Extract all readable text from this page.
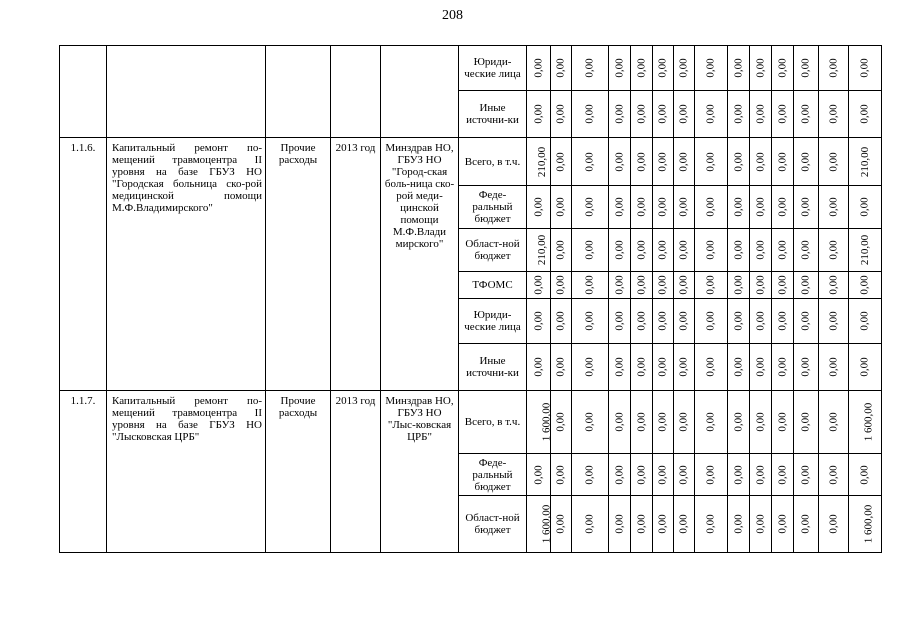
208
					Юриди-ческие лица	0,00	0,00	0,00	0,00	0,00	0,00	0,00	0,00	0,00	0,00	0,00	0,00	0,00	0,00
					Иные источни-ки	0,00	0,00	0,00	0,00	0,00	0,00	0,00	0,00	0,00	0,00	0,00	0,00	0,00	0,00
1.1.6.	Капитальный ремонт по-мещений травмоцентра II уровня на базе ГБУЗ НО "Городская больница ско-рой медицинской помощи М.Ф.Владимирского"	Прочие расходы	2013 год	Минздрав НО, ГБУЗ НО "Город-ская боль-ница ско-рой меди-цинской помощи М.Ф.Влади мирского"	Всего, в т.ч.	210,00	0,00	0,00	0,00	0,00	0,00	0,00	0,00	0,00	0,00	0,00	0,00	0,00	210,00
					Феде-ральный бюджет	0,00	0,00	0,00	0,00	0,00	0,00	0,00	0,00	0,00	0,00	0,00	0,00	0,00	0,00
					Област-ной бюджет	210,00	0,00	0,00	0,00	0,00	0,00	0,00	0,00	0,00	0,00	0,00	0,00	0,00	210,00
					ТФОМС	0,00	0,00	0,00	0,00	0,00	0,00	0,00	0,00	0,00	0,00	0,00	0,00	0,00	0,00
					Юриди-ческие лица	0,00	0,00	0,00	0,00	0,00	0,00	0,00	0,00	0,00	0,00	0,00	0,00	0,00	0,00
					Иные источни-ки	0,00	0,00	0,00	0,00	0,00	0,00	0,00	0,00	0,00	0,00	0,00	0,00	0,00	0,00
1.1.7.	Капитальный ремонт по-мещений травмоцентра II уровня на базе ГБУЗ НО "Лысковская ЦРБ"	Прочие расходы	2013 год	Минздрав НО, ГБУЗ НО "Лыс-ковская ЦРБ"	Всего, в т.ч.	1 600,00	0,00	0,00	0,00	0,00	0,00	0,00	0,00	0,00	0,00	0,00	0,00	0,00	1 600,00
					Феде-ральный бюджет	0,00	0,00	0,00	0,00	0,00	0,00	0,00	0,00	0,00	0,00	0,00	0,00	0,00	0,00
					Област-ной бюджет	1 600,00	0,00	0,00	0,00	0,00	0,00	0,00	0,00	0,00	0,00	0,00	0,00	0,00	1 600,00
